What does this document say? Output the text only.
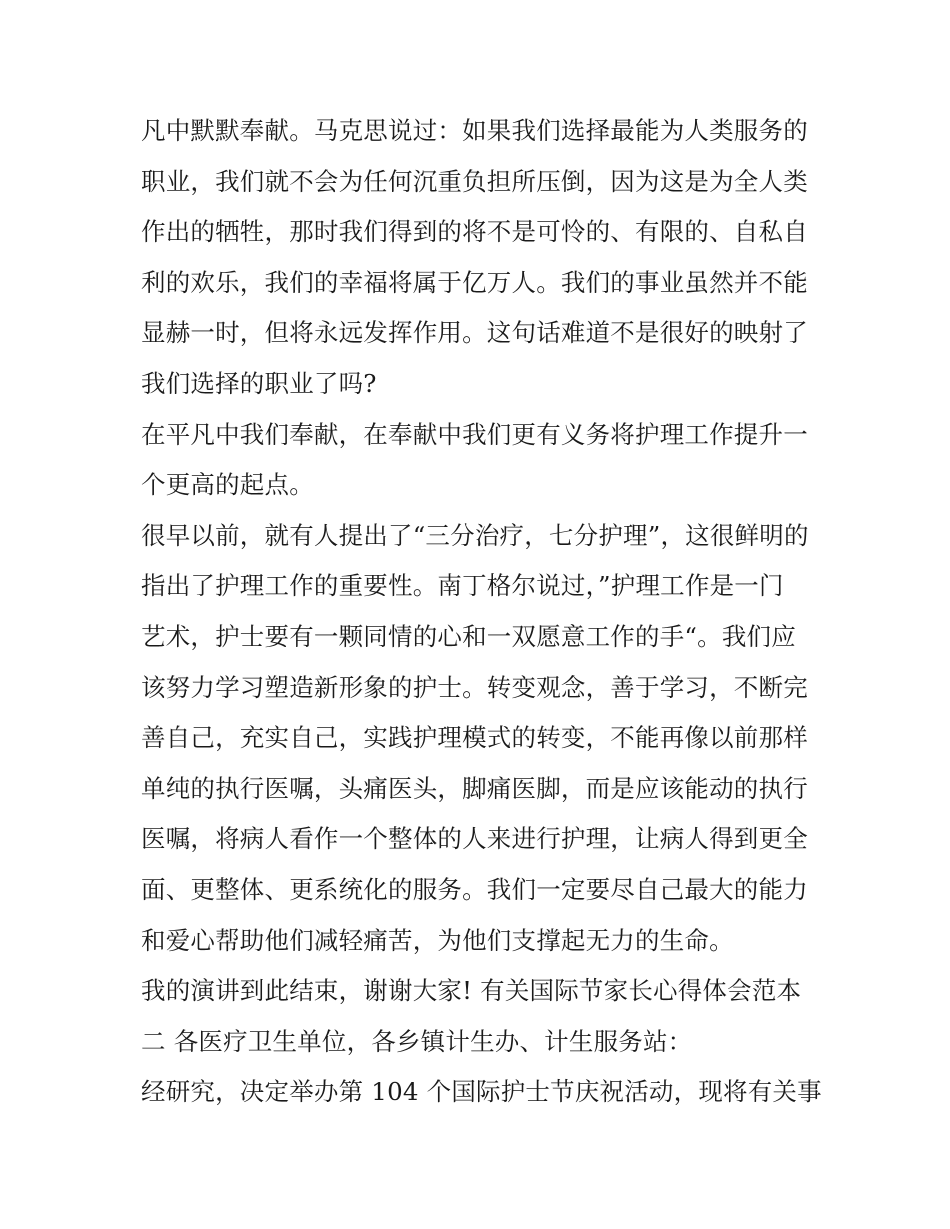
凡中默默奉献。马克思说过：如果我们选择最能为人类服务的
职业，我们就不会为任何沉重负担所压倒，因为这是为全人类
作出的牺牲，那时我们得到的将不是可怜的、有限的、自私自
利的欢乐，我们的幸福将属于亿万人。我们的事业虽然并不能
显赫一时，但将永远发挥作用。这句话难道不是很好的映射了
我们选择的职业了吗?
在平凡中我们奉献，在奉献中我们更有义务将护理工作提升一
个更高的起点。
很早以前，就有人提出了“三分治疗，七分护理”，这很鲜明的
指出了护理工作的重要性。南丁格尔说过，”护理工作是一门
艺术，护士要有一颗同情的心和一双愿意工作的手“。我们应
该努力学习塑造新形象的护士。转变观念，善于学习，不断完
善自己，充实自己，实践护理模式的转变，不能再像以前那样
单纯的执行医嘱，头痛医头，脚痛医脚，而是应该能动的执行
医嘱，将病人看作一个整体的人来进行护理，让病人得到更全
面、更整体、更系统化的服务。我们一定要尽自己最大的能力
和爱心帮助他们减轻痛苦，为他们支撑起无力的生命。
我的演讲到此结束，谢谢大家! 有关国际节家长心得体会范本
二 各医疗卫生单位，各乡镇计生办、计生服务站：
经研究，决定举办第 104 个国际护士节庆祝活动，现将有关事
